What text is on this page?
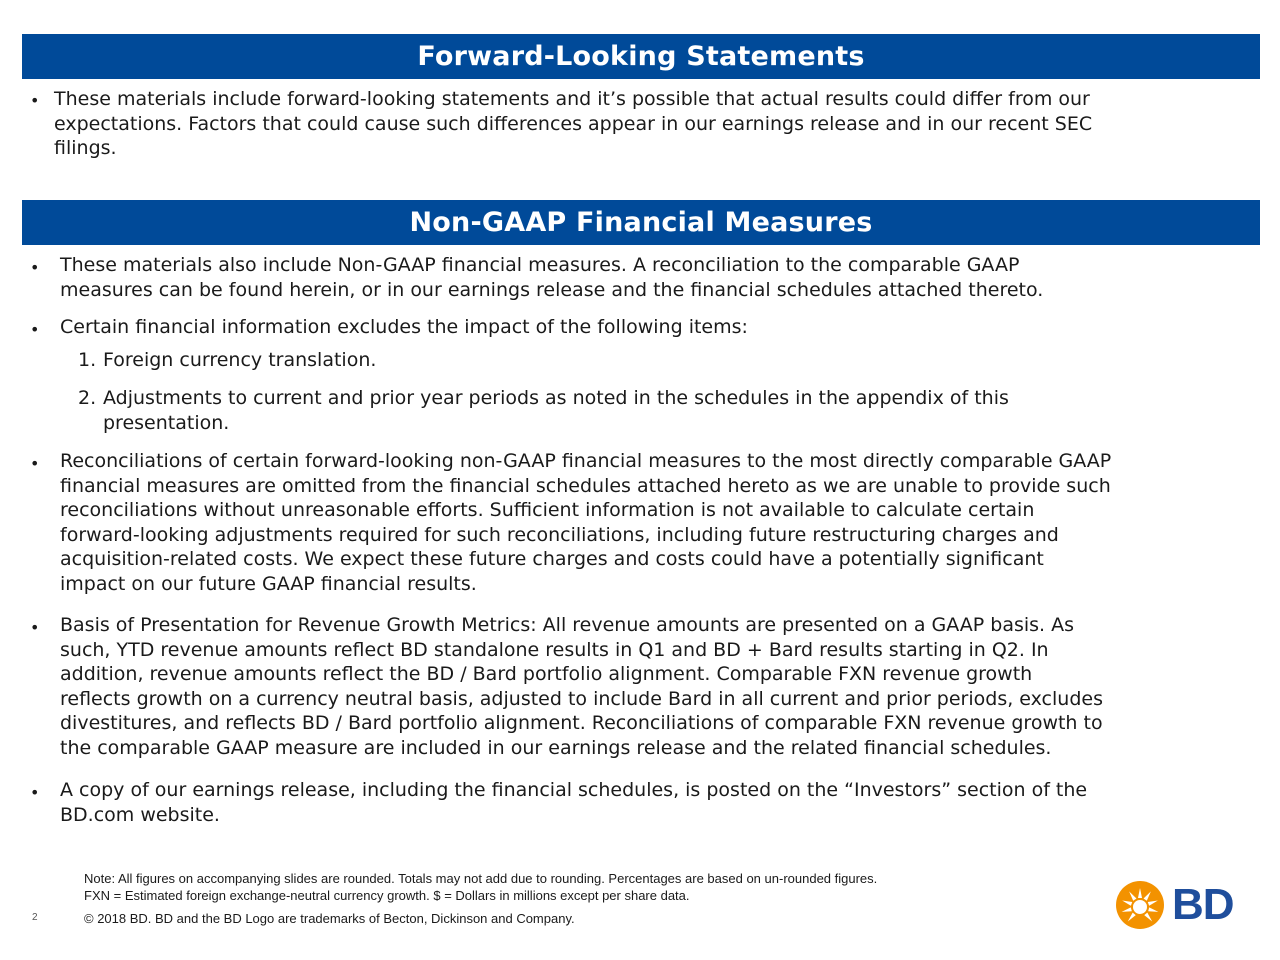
Forward-Looking Statements
• These materials include forward-looking statements and it’s possible that actual results could differ from our
expectations. Factors that could cause such differences appear in our earnings release and in our recent SEC
filings.
Non-GAAP Financial Measures
• These materials also include Non-GAAP financial measures. A reconciliation to the comparable GAAP
measures can be found herein, or in our earnings release and the financial schedules attached thereto.
• Certain financial information excludes the impact of the following items:
1. Foreign currency translation.
2. Adjustments to current and prior year periods as noted in the schedules in the appendix of this
presentation.
• Reconciliations of certain forward-looking non-GAAP financial measures to the most directly comparable GAAP
financial measures are omitted from the financial schedules attached hereto as we are unable to provide such
reconciliations without unreasonable efforts. Sufficient information is not available to calculate certain
forward-looking adjustments required for such reconciliations, including future restructuring charges and
acquisition-related costs. We expect these future charges and costs could have a potentially significant
impact on our future GAAP financial results.
• Basis of Presentation for Revenue Growth Metrics: All revenue amounts are presented on a GAAP basis. As
such, YTD revenue amounts reflect BD standalone results in Q1 and BD + Bard results starting in Q2. In
addition, revenue amounts reflect the BD / Bard portfolio alignment. Comparable FXN revenue growth
reflects growth on a currency neutral basis, adjusted to include Bard in all current and prior periods, excludes
divestitures, and reflects BD / Bard portfolio alignment. Reconciliations of comparable FXN revenue growth to
the comparable GAAP measure are included in our earnings release and the related financial schedules.
• A copy of our earnings release, including the financial schedules, is posted on the “Investors” section of the
BD.com website.
Note: All figures on accompanying slides are rounded. Totals may not add due to rounding. Percentages are based on un-rounded figures.
FXN = Estimated foreign exchange-neutral currency growth. $ = Dollars in millions except per share data.
© 2018 BD. BD and the BD Logo are trademarks of Becton, Dickinson and Company.
2	BD
